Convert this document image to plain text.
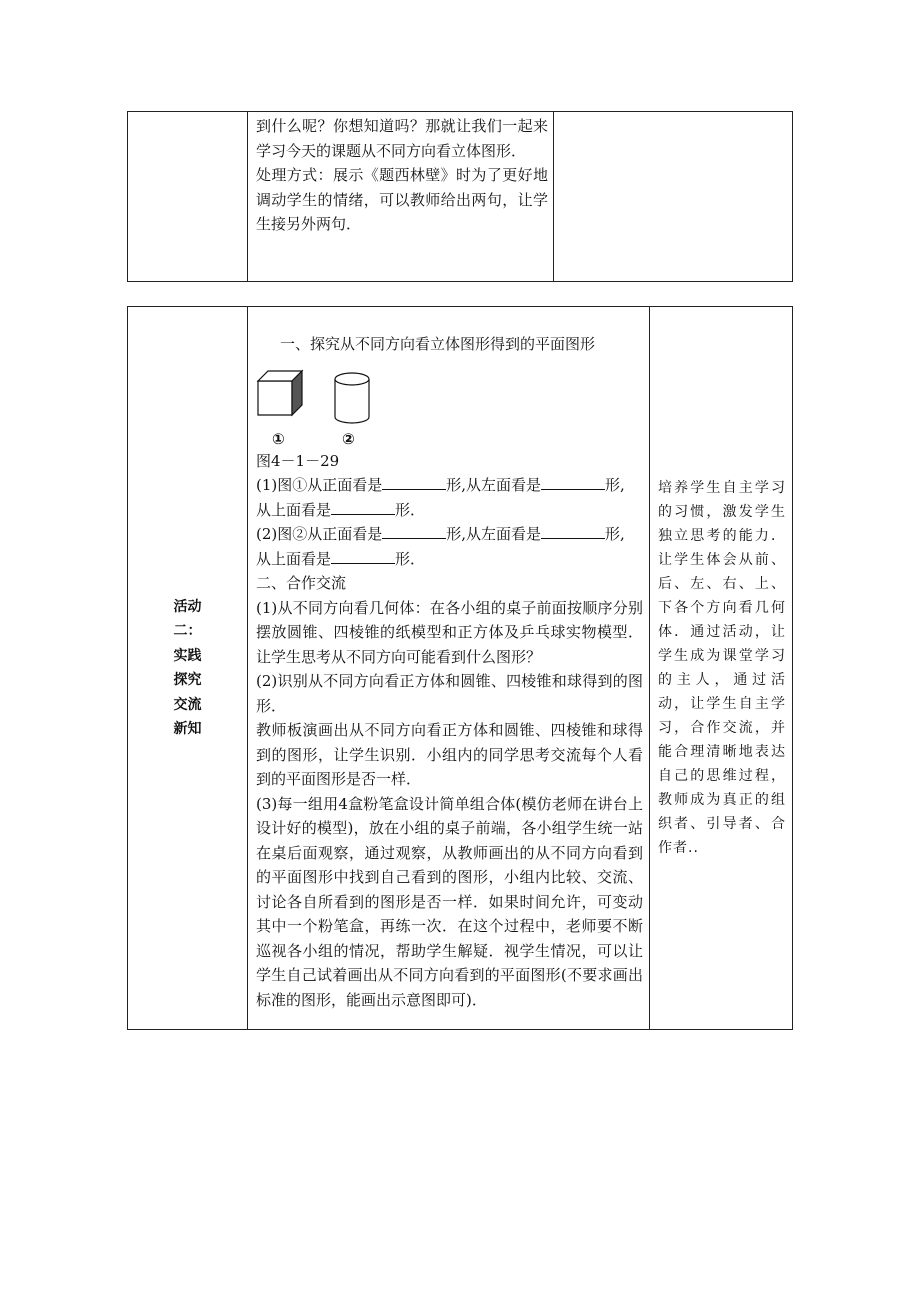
到什么呢？你想知道吗？那就让我们一起来学习今天的课题从不同方向看立体图形．

处理方式：展示《题西林壁》时为了更好地调动学生的情绪，可以教师给出两句，让学生接另外两句．

活动
二：
实践
探究
交流
新知

一、探究从不同方向看立体图形得到的平面图形

①	②

图4－1－29

(1)图①从正面看是	形,从左面看是	形,

从上面看是	形．

(2)图②从正面看是	形,从左面看是	形,

从上面看是	形．

二、合作交流

(1)从不同方向看几何体：在各小组的桌子前面按顺序分别摆放圆锥、四棱锥的纸模型和正方体及乒乓球实物模型．让学生思考从不同方向可能看到什么图形？

(2)识别从不同方向看正方体和圆锥、四棱锥和球得到的图形．

教师板演画出从不同方向看正方体和圆锥、四棱锥和球得到的图形，让学生识别．小组内的同学思考交流每个人看到的平面图形是否一样．

(3)每一组用4盒粉笔盒设计简单组合体(模仿老师在讲台上设计好的模型)，放在小组的桌子前端，各小组学生统一站在桌后面观察，通过观察，从教师画出的从不同方向看到的平面图形中找到自己看到的图形，小组内比较、交流、讨论各自所看到的图形是否一样．如果时间允许，可变动其中一个粉笔盒，再练一次．在这个过程中，老师要不断巡视各小组的情况，帮助学生解疑．视学生情况，可以让学生自己试着画出从不同方向看到的平面图形(不要求画出标准的图形，能画出示意图即可)．

培养学生自主学习的习惯，激发学生独立思考的能力．让学生体会从前、后、左、右、上、下各个方向看几何体．通过活动，让学生成为课堂学习的主人，通过活动，让学生自主学习，合作交流，并能合理清晰地表达自己的思维过程，教师成为真正的组织者、引导者、合作者..
